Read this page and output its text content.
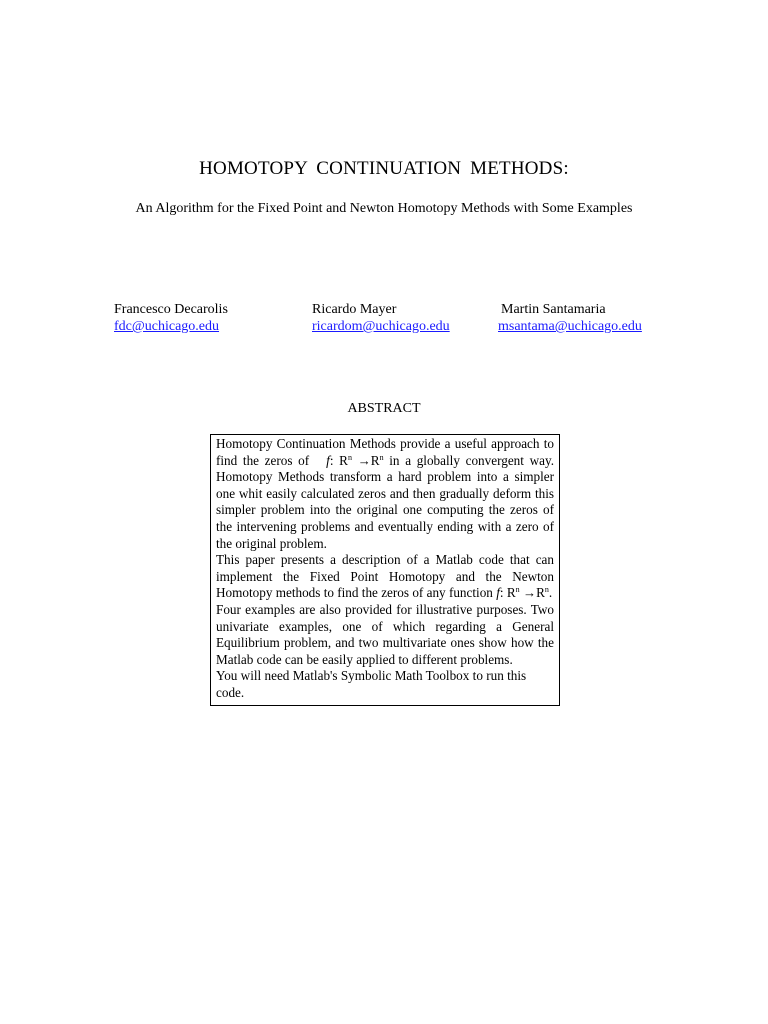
HOMOTOPY CONTINUATION METHODS:
An Algorithm for the Fixed Point and Newton Homotopy Methods with Some Examples
Francesco Decarolis
fdc@uchicago.edu
Ricardo Mayer
ricardom@uchicago.edu
Martin Santamaria
msantama@uchicago.edu
ABSTRACT

Homotopy Continuation Methods provide a useful approach to find the zeros of f: $R^n \to R^n$ in a globally convergent way. Homotopy Methods transform a hard problem into a simpler one whit easily calculated zeros and then gradually deform this simpler problem into the original one computing the zeros of the intervening problems and eventually ending with a zero of the original problem.

This paper presents a description of a Matlab code that can implement the Fixed Point Homotopy and the Newton Homotopy methods to find the zeros of any function f: $R^n \to R^n$.

Four examples are also provided for illustrative purposes. Two univariate examples, one of which regarding a General Equilibrium problem, and two multivariate ones show how the Matlab code can be easily applied to different problems.

You will need Matlab's Symbolic Math Toolbox to run this code.
